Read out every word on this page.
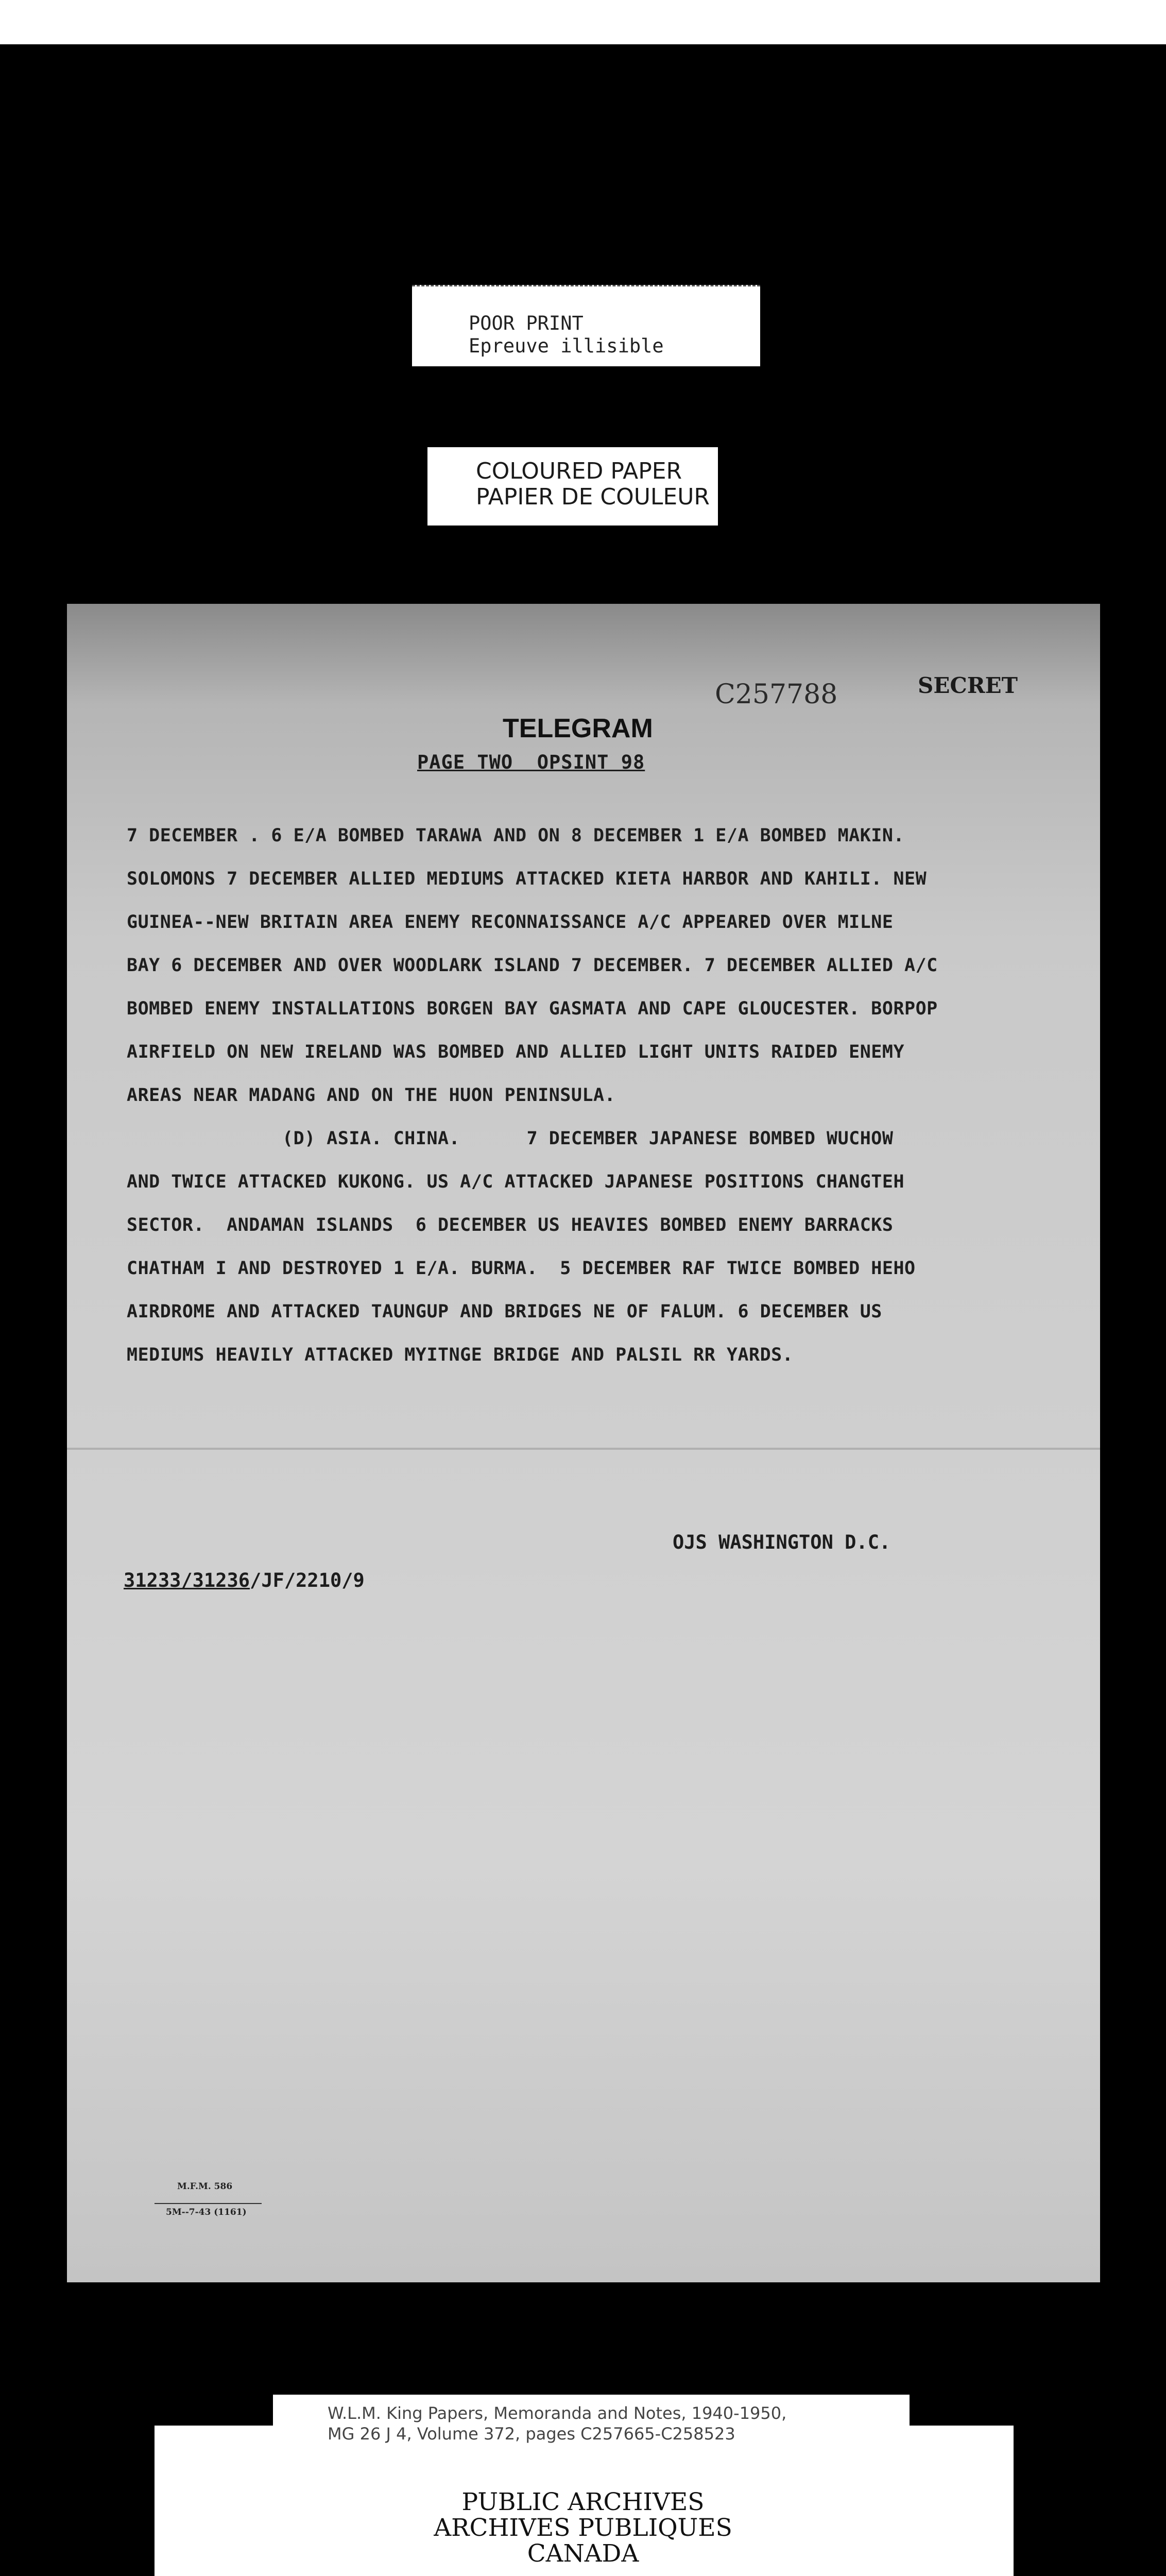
POOR PRINT
Epreuve illisible
COLOURED PAPER
PAPIER DE COULEUR
C257788	SECRET
TELEGRAM
PAGE TWO  OPSINT 98
7 DECEMBER . 6 E/A BOMBED TARAWA AND ON 8 DECEMBER 1 E/A BOMBED MAKIN.
SOLOMONS 7 DECEMBER ALLIED MEDIUMS ATTACKED KIETA HARBOR AND KAHILI. NEW
GUINEA--NEW BRITAIN AREA ENEMY RECONNAISSANCE A/C APPEARED OVER MILNE
BAY 6 DECEMBER AND OVER WOODLARK ISLAND 7 DECEMBER. 7 DECEMBER ALLIED A/C
BOMBED ENEMY INSTALLATIONS BORGEN BAY GASMATA AND CAPE GLOUCESTER. BORPOP
AIRFIELD ON NEW IRELAND WAS BOMBED AND ALLIED LIGHT UNITS RAIDED ENEMY
AREAS NEAR MADANG AND ON THE HUON PENINSULA.
(D) ASIA. CHINA.      7 DECEMBER JAPANESE BOMBED WUCHOW
AND TWICE ATTACKED KUKONG. US A/C ATTACKED JAPANESE POSITIONS CHANGTEH
SECTOR.  ANDAMAN ISLANDS  6 DECEMBER US HEAVIES BOMBED ENEMY BARRACKS
CHATHAM I AND DESTROYED 1 E/A. BURMA.  5 DECEMBER RAF TWICE BOMBED HEHO
AIRDROME AND ATTACKED TAUNGUP AND BRIDGES NE OF FALUM. 6 DECEMBER US
MEDIUMS HEAVILY ATTACKED MYITNGE BRIDGE AND PALSIL RR YARDS.
OJS WASHINGTON D.C.
31233/31236/JF/2210/9
M.F.M. 586
5M--7-43 (1161)
W.L.M. King Papers, Memoranda and Notes, 1940-1950,
MG 26 J 4, Volume 372, pages C257665-C258523
PUBLIC ARCHIVES
ARCHIVES PUBLIQUES
CANADA
